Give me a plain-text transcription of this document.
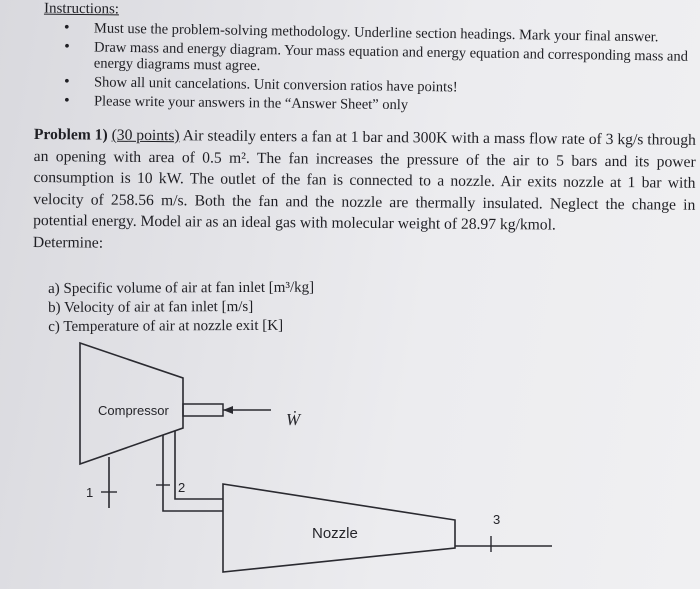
Instructions:
• Must use the problem-solving methodology. Underline section headings. Mark your final answer.
• Draw mass and energy diagram. Your mass equation and energy equation and corresponding mass and energy diagrams must agree.
• Show all unit cancelations. Unit conversion ratios have points!
• Please write your answers in the “Answer Sheet” only
Problem 1) (30 points) Air steadily enters a fan at 1 bar and 300K with a mass flow rate of 3 kg/s through an opening with area of 0.5 m². The fan increases the pressure of the air to 5 bars and its power consumption is 10 kW. The outlet of the fan is connected to a nozzle. Air exits nozzle at 1 bar with velocity of 258.56 m/s. Both the fan and the nozzle are thermally insulated. Neglect the change in potential energy. Model air as an ideal gas with molecular weight of 28.97 kg/kmol.
Determine:
a) Specific volume of air at fan inlet [m³/kg]
b) Velocity of air at fan inlet [m/s]
c) Temperature of air at nozzle exit [K]
Compressor	Ẇ
1	2
Nozzle
3
